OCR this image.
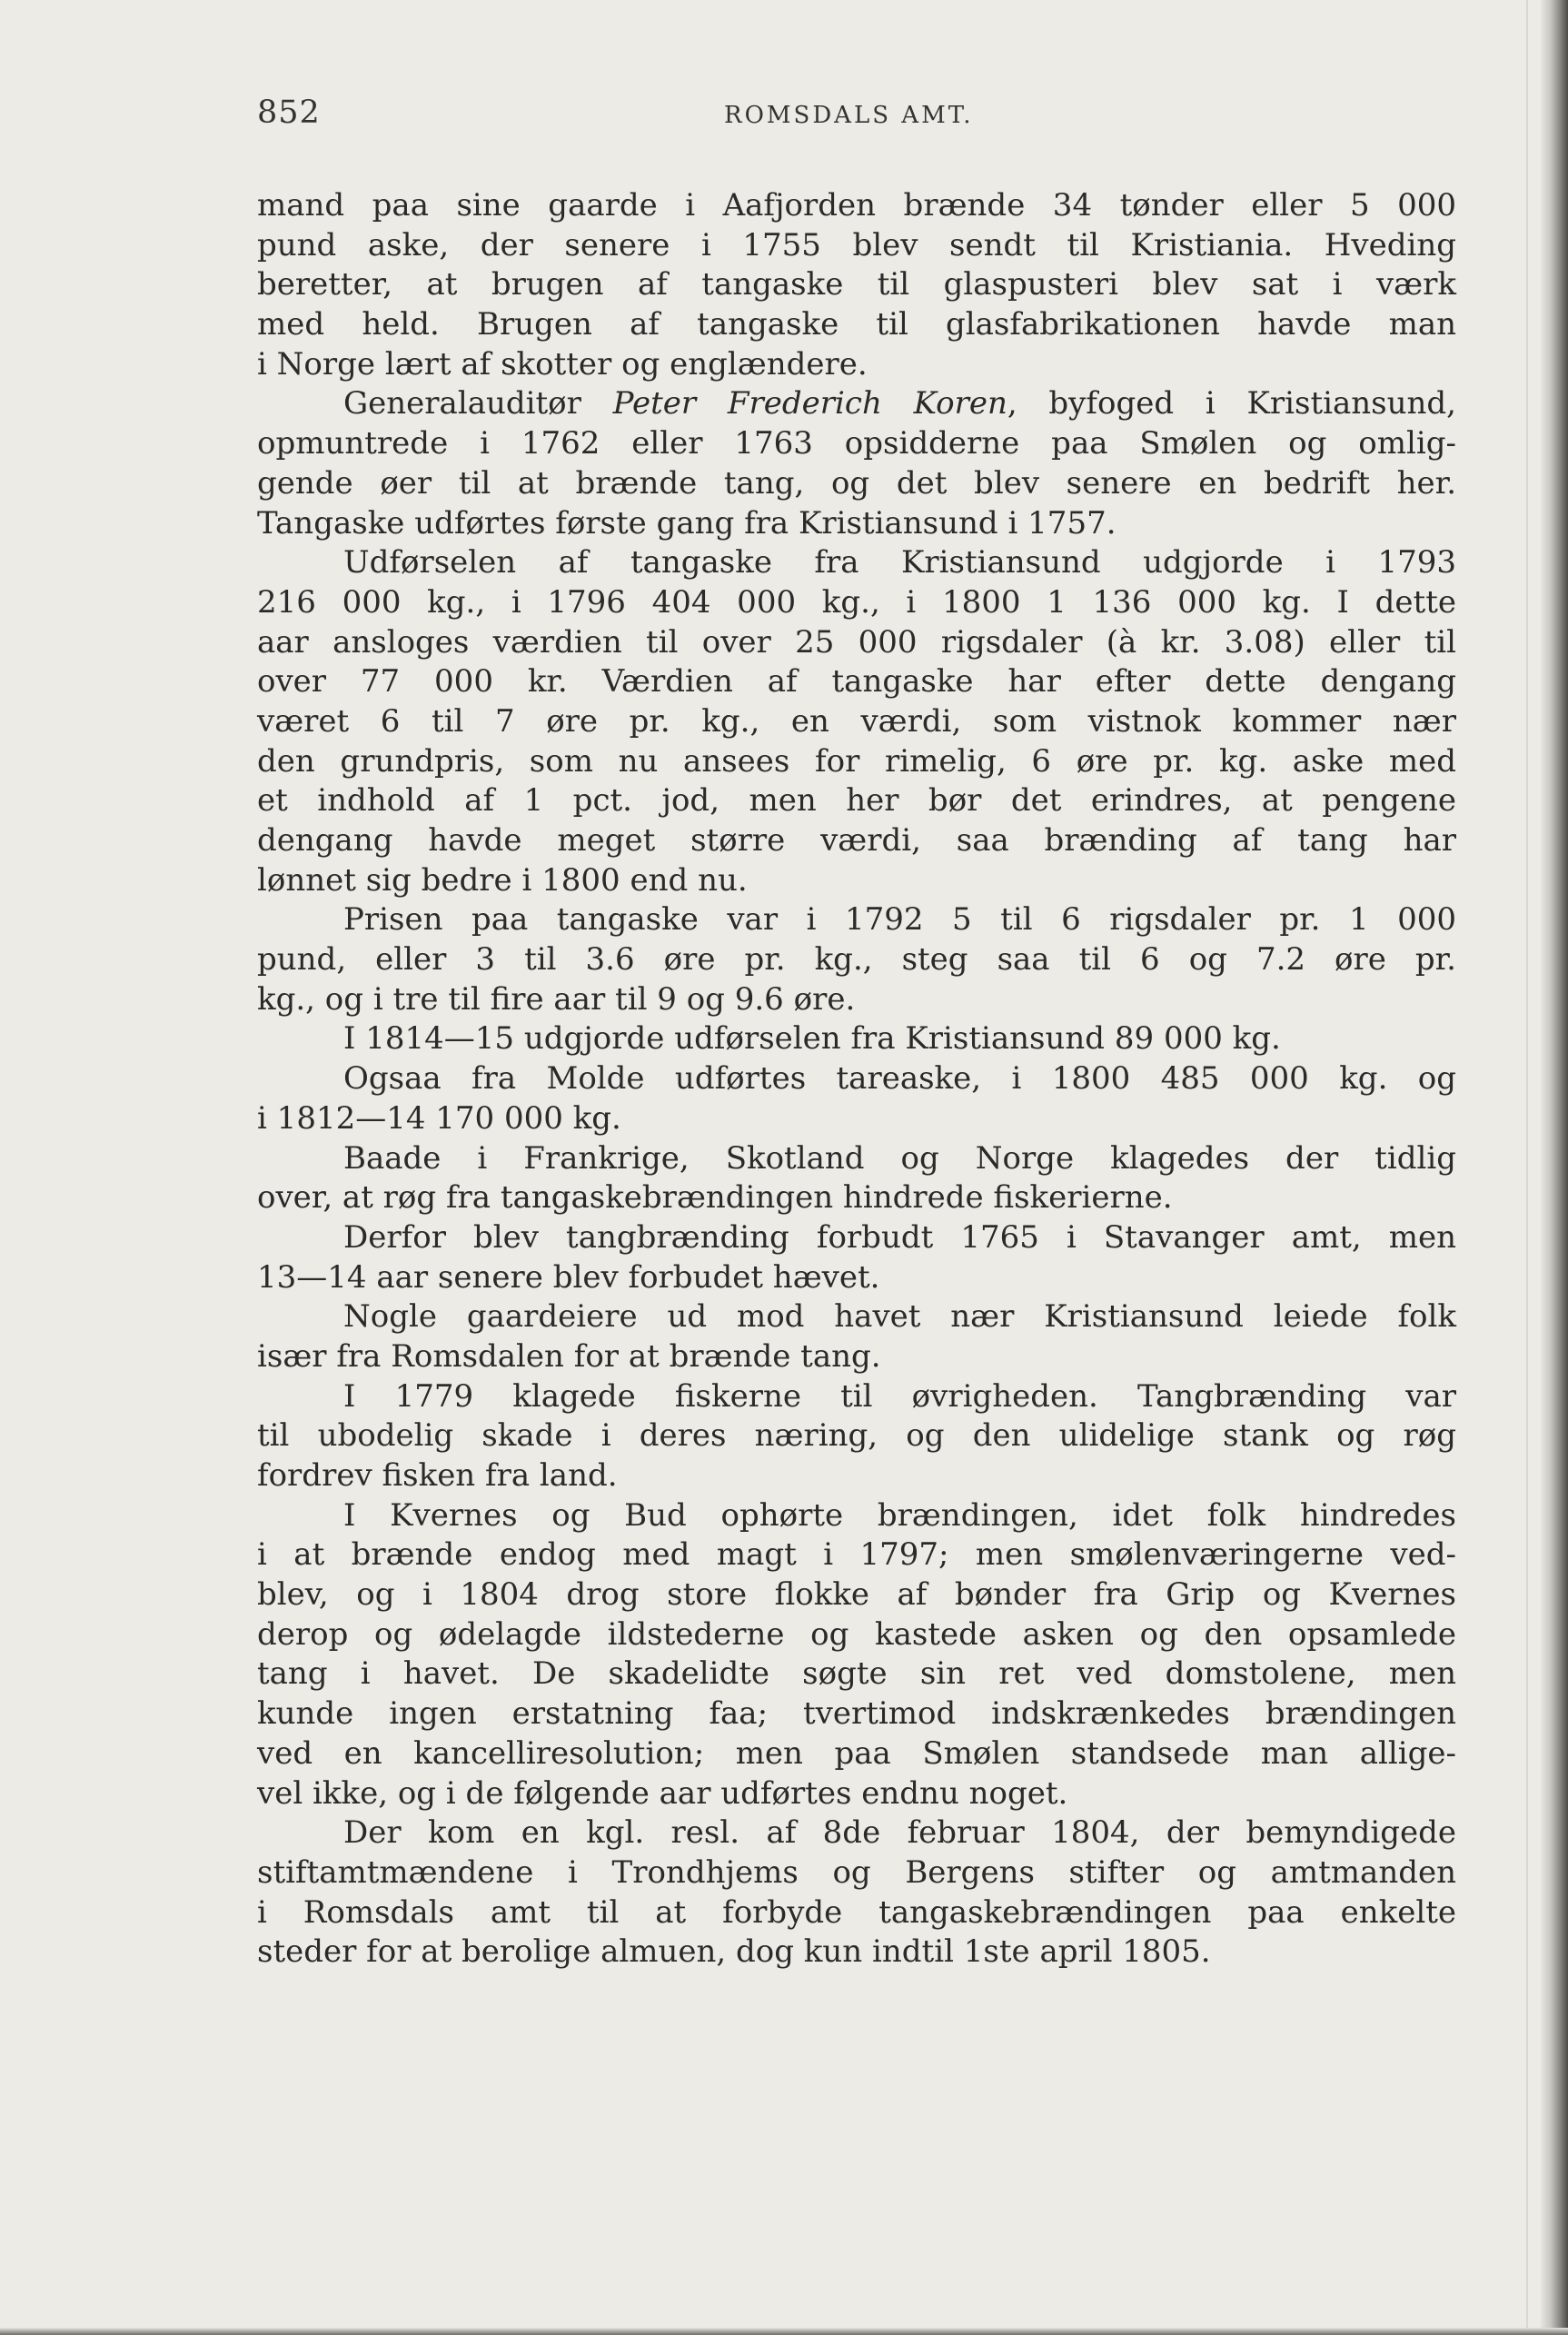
852	ROMSDALS AMT.
mand paa sine gaarde i Aafjorden brænde 34 tønder eller 5 000
pund aske, der senere i 1755 blev sendt til Kristiania. Hveding
beretter, at brugen af tangaske til glaspusteri blev sat i værk
med held. Brugen af tangaske til glasfabrikationen havde man
i Norge lært af skotter og englændere.
Generalauditør Peter Frederich Koren, byfoged i Kristiansund,
opmuntrede i 1762 eller 1763 opsidderne paa Smølen og omlig-
gende øer til at brænde tang, og det blev senere en bedrift her.
Tangaske udførtes første gang fra Kristiansund i 1757.
Udførselen af tangaske fra Kristiansund udgjorde i 1793
216 000 kg., i 1796 404 000 kg., i 1800 1 136 000 kg. I dette
aar ansloges værdien til over 25 000 rigsdaler (à kr. 3.08) eller til
over 77 000 kr. Værdien af tangaske har efter dette dengang
været 6 til 7 øre pr. kg., en værdi, som vistnok kommer nær
den grundpris, som nu ansees for rimelig, 6 øre pr. kg. aske med
et indhold af 1 pct. jod, men her bør det erindres, at pengene
dengang havde meget større værdi, saa brænding af tang har
lønnet sig bedre i 1800 end nu.
Prisen paa tangaske var i 1792 5 til 6 rigsdaler pr. 1 000
pund, eller 3 til 3.6 øre pr. kg., steg saa til 6 og 7.2 øre pr.
kg., og i tre til fire aar til 9 og 9.6 øre.
I 1814—15 udgjorde udførselen fra Kristiansund 89 000 kg.
Ogsaa fra Molde udførtes tareaske, i 1800 485 000 kg. og
i 1812—14 170 000 kg.
Baade i Frankrige, Skotland og Norge klagedes der tidlig
over, at røg fra tangaskebrændingen hindrede fiskerierne.
Derfor blev tangbrænding forbudt 1765 i Stavanger amt, men
13—14 aar senere blev forbudet hævet.
Nogle gaardeiere ud mod havet nær Kristiansund leiede folk
især fra Romsdalen for at brænde tang.
I 1779 klagede fiskerne til øvrigheden. Tangbrænding var
til ubodelig skade i deres næring, og den ulidelige stank og røg
fordrev fisken fra land.
I Kvernes og Bud ophørte brændingen, idet folk hindredes
i at brænde endog med magt i 1797; men smølenværingerne ved-
blev, og i 1804 drog store flokke af bønder fra Grip og Kvernes
derop og ødelagde ildstederne og kastede asken og den opsamlede
tang i havet. De skadelidte søgte sin ret ved domstolene, men
kunde ingen erstatning faa; tvertimod indskrænkedes brændingen
ved en kancelliresolution; men paa Smølen standsede man allige-
vel ikke, og i de følgende aar udførtes endnu noget.
Der kom en kgl. resl. af 8de februar 1804, der bemyndigede
stiftamtmændene i Trondhjems og Bergens stifter og amtmanden
i Romsdals amt til at forbyde tangaskebrændingen paa enkelte
steder for at berolige almuen, dog kun indtil 1ste april 1805.
